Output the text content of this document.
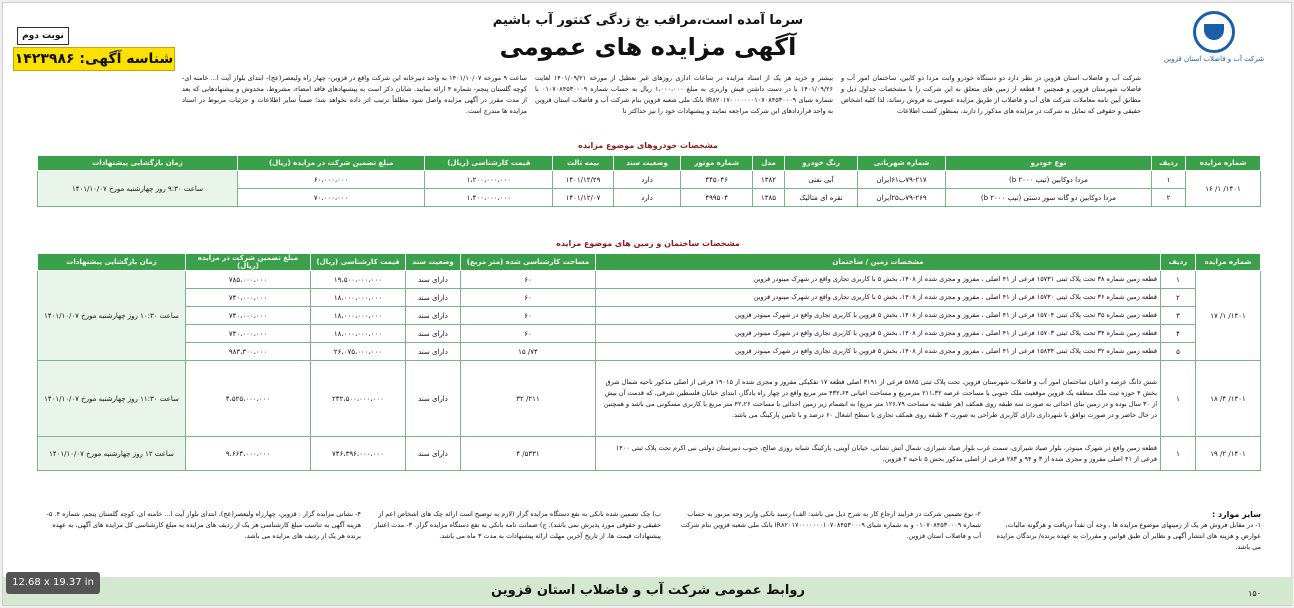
نوبت دوم
شناسه آگهی: ۱۴۲۳۹۸۶
سرما آمده است،مراقب یخ زدگی کنتور آب باشیم
آگهی مزایده های عمومی	شرکت آب و فاضلاب استان قزوین
شرکت آب و فاضلاب استان قزوین در نظر دارد دو دستگاه خودرو وانت مزدا دو کابین، ساختمان امور آب و فاضلاب شهرستان قزوین و همچنین ۶ قطعه از زمین های متعلق به این شرکت را با مشخصات جداول ذیل و مطابق آیین نامه معاملات شرکت های آب و فاضلاب از طریق مزایده عمومی به فروش رساند، لذا کلیه اشخاص حقیقی و حقوقی که تمایل به شرکت در مزایده های مذکور را دارند، بمنظور کسب اطلاعات
بیشتر و خرید هر یک از اسناد مزایده در ساعات اداری روزهای غیر تعطیل از مورخه ۱۴۰۱/۰۹/۲۱ لغایت ۱۴۰۱/۰۹/۲۶ با در دست داشتن فیش واریزی به مبلغ ۱،۰۰۰،۰۰۰ ریال به حساب شماره ۰۱۰۷۰۸۴۵۳۰۰۰۹ با شماره شبای IR۸۲۰۱۷۰۰۰۰۰۰۰۱۰۷۰۸۴۵۳۰۰۰۹ بانک ملی شعبه قزوین بنام شرکت آب و فاضلاب استان قزوین به واحد قراردادهای این شرکت مراجعه نمایند و پیشنهادات خود را نیز حداکثر تا
ساعت ۹ مورخه ۱۴۰۱/۱۰/۰۷ به واحد دبیرخانه این شرکت واقع در قزوین- چهار راه ولیعصر(عج)- ابتدای بلوار آیت ا... خامنه ای- کوچه گلستان پنجم- شماره ۴ ارائه نمایند. شایان ذکر است به پیشنهادهای فاقد امضاء، مشروط، مخدوش و پیشنهادهایی که بعد از مدت مقرر در آگهی مزایده واصل شود مطلقاً ترتیب اثر داده نخواهد شد؛ ضمناً سایر اطلاعات و جزئیات مربوط در اسناد مزایده ها مندرج است.
مشخصات خودروهای موضوع مزایده
شماره مزایده	ردیف	نوع خودرو	شماره شهربانی	رنگ خودرو	مدل	شماره موتور	وضعیت سند	بیمه ثالث	قیمت کارشناسی (ریال)	مبلغ تضمین شرکت در مزایده (ریال)	زمان بازگشایی پیشنهادات
۱۴۰۱/ ۱/ ۱۶	۱	مزدا دوکابین (تیپ b ۲۰۰۰)	۷۹-۲۱۷ب۶۱ایران	آبی نفتی	۱۳۸۲	۴۴۵۰۴۶	دارد	۱۴۰۱/۱۲/۲۹	۱،۲۰۰،۰۰۰،۰۰۰	۶۰،۰۰۰،۰۰۰	ساعت ۹:۳۰ روز چهارشنبه مورخ ۱۴۰۱/۱۰/۰۷
	۲	مزدا دوکابین دو گانه سوز دستی (تیپ b ۲۰۰۰)	۷۹-۲۶۹ب۲۵ایران	نقره ای متالیک	۱۳۸۵	۴۹۹۵۰۴	دارد	۱۴۰۱/۱۲/۰۷	۱،۴۰۰،۰۰۰،۰۰۰	۷۰،۰۰۰،۰۰۰	
مشخصات ساختمان و زمین های موضوع مزایده
شماره مزایده	ردیف	مشخصات زمین / ساختمان	مساحت کارشناسی شده (متر مربع)	وضعیت سند	قیمت کارشناسی (ریال)	مبلغ تضمین شرکت در مزایده (ریال)	زمان بازگشایی پیشنهادات
۱۴۰۱/ ۱/ ۱۷	۱	قطعه زمین شماره ۳۸ تحت پلاک ثبتی ۱۵۷۳۱ فرعی از ۴۱ اصلی ، مفروز و مجزی شده از ۱۴۰۸، بخش ۵ با کاربری تجاری واقع در شهرک مینودر قزوین	۶۰	دارای سند	۱۹،۵۰۰،۰۰۰،۰۰۰	۷۸۵،۰۰۰،۰۰۰	ساعت ۱۰:۳۰ روز چهارشنبه مورخ ۱۴۰۱/۱۰/۰۷
	۲	قطعه زمین شماره ۳۶ تحت پلاک ثبتی ۱۵۷۳۰ فرعی از ۴۱ اصلی ، مفروز و مجزی شده از ۱۴۰۸، بخش ۵ با کاربری تجاری واقع در شهرک مینودر قزوین	۶۰	دارای سند	۱۸،۰۰۰،۰۰۰،۰۰۰	۷۴۰،۰۰۰،۰۰۰	
	۳	قطعه زمین شماره ۳۵ تحت پلاک ثبتی ۱۵۷۰۴ فرعی از ۴۱ اصلی ، مفروز و مجزی شده از ۱۴۰۸، بخش ۵ قزوین با کاربری تجاری واقع در شهرک مینودر قزوین	۶۰	دارای سند	۱۸،۰۰۰،۰۰۰،۰۰۰	۷۴۰،۰۰۰،۰۰۰	
	۴	قطعه زمین شماره ۳۴ تحت پلاک ثبتی ۱۵۷۰۳ فرعی از ۴۱ اصلی ، مفروز و مجزی شده از ۱۴۰۸، بخش ۵ قزوین با کاربری تجاری واقع در شهرک مینودر قزوین	۶۰	دارای سند	۱۸،۰۰۰،۰۰۰،۰۰۰	۷۴۰،۰۰۰،۰۰۰	
	۵	قطعه زمین شماره ۳۲ تحت پلاک ثبتی ۱۵۸۳۴ فرعی از ۴۱ اصلی ، مفروز و مجزی شده از ۱۴۰۸، بخش ۵ قزوین با کاربری تجاری واقع در شهرک مینودر قزوین	۷۴/ ۱۵	دارای سند	۲۶،۰۷۵،۰۰۰،۰۰۰	۹۸۳،۳۰۰،۰۰۰	
۱۴۰۱/ ۴/ ۱۸	۱	شش دانگ عرصه و اعیان ساختمان امور آب و فاضلاب شهرستان قزوین، تحت پلاک ثبتی ۵۸۸۵ فرعی از ۳۱۹۱ اصلی قطعه ۱۷ تفکیکی مفروز و مجزی شده از ۱۹۰۱۵ فرعی از اصلی مذکور ناحیه شمال شرق بخش ۴ حوزه ثبت ملک منطقه یک قزوین موقعیت ملک جنوبی با مساحت عرصه ۲۱۱،۳۲ مترمربع و مساحت اعیانی ۴۳۲،۶۴ متر مربع واقع در چهار راه یادگار، ابتدای خیابان فلسطین شرقی، که قدمت آن بیش از ۳۰ سال بوده و در زمین بنای احداثی به صورت سه طبقه روی همکف (هر طبقه به مساحت ۱۲۶،۷۹ متر مربع) به انضمام زیر زمین احداثی با مساحت ۴۲،۲۶ متر مربع با کاربری مسکونی می باشد و همچنین در حال حاضر و در صورت توافق با شهرداری دارای کاربری طراحی به صورت ۳ طبقه روی همکف تجاری با سطح اشغال ۶۰ درصد و با تامین پارکینگ می باشد.	۲۱۱/ ۳۲	دارای سند	۲۳۲،۵۰۰،۰۰۰،۰۰۰	۴،۵۲۵،۰۰۰،۰۰۰	ساعت ۱۱:۳۰ روز چهارشنبه مورخ ۱۴۰۱/۱۰/۰۷
۱۴۰۱/ ۲/ ۱۹	۱	قطعه زمین واقع در شهرک مینودر، بلوار صیاد شیرازی، سمت غرب بلوار صیاد شیرازی، شمال آتش نشانی، خیابان آوینی، پارکینگ شبانه روزی صالح، جنوب دبیرستان دولتی نبی اکرم تحت پلاک ثبتی ۱۴۰۰ فرعی از ۴۱ اصلی مفروز و مجزی شده از ۳ و ۹۴ و ۲۸۳ فرعی از اصلی مذکور بخش ۵ ناحیه ۲ قزوین.	۵۳۳۱/ ۴	دارای سند	۷۴۶،۳۹۶،۰۰۰،۰۰۰	۹،۶۶۴،۰۰۰،۰۰۰	ساعت ۱۲ روز چهارشنبه مورخ ۱۴۰۱/۱۰/۰۷
سایر موارد :
۱- در مقابل فروش هر یک از زمینهای موضوع مزایده ها ، وجه آن نقداً دریافت و هرگونه مالیات، عوارض و هزینه های انتشار آگهی و نظایر آن طبق قوانین و مقررات به عهده برنده/ برندگان مزایده می باشد.
۲- نوع تضمین شرکت در فرایند ارجاع کار به شرح ذیل می باشد: الف) رسید بانکی واریز وجه مزبور به حساب شماره ۰۱۰۷۰۸۴۵۳۰۰۰۹ و به شماره شبای IR۸۲۰۱۷۰۰۰۰۰۰۰۱۰۷۰۸۴۵۳۰۰۰۹ بانک ملی شعبه قزوین بنام شرکت آب و فاضلاب استان قزوین.
ب) چک تضمین شده بانکی به نفع دستگاه مزایده گزار (لازم به توضیح است ارائه چک های اشخاص اعم از حقیقی و حقوقی مورد پذیرش نمی باشد). ج) ضمانت نامه بانکی به نفع دستگاه مزایده گزار. ۳- مدت اعتبار پیشنهادات قیمت ها، از تاریخ آخرین مهلت ارائه پیشنهادات به مدت ۳ ماه می باشد.
۴- نشانی مزایده گزار : قزوین، چهارراه ولیعصر(عج)، ابتدای بلوار آیت ا... خامنه ای، کوچه گلستان پنجم، شماره ۴. ۵- هزینه آگهی به تناسب مبلغ کارشناسی هر یک از ردیف های مزایده به مبلغ کارشناسی کل مزایده های آگهی، به عهده برنده هر یک از ردیف های مزایده می باشد.
روابط عمومی شرکت آب و فاضلاب استان قزوین	۱۵۰
12.68 x 19.37 in
